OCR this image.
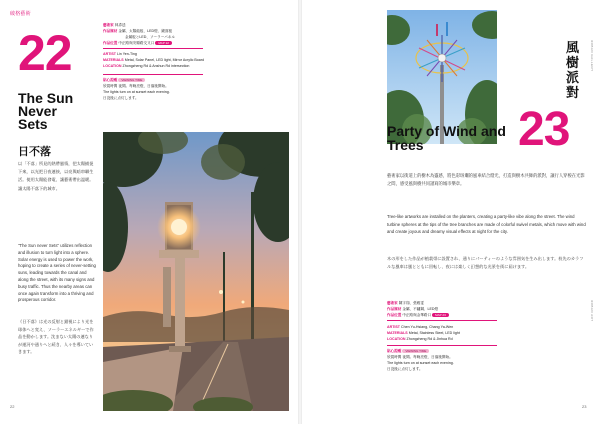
破格藝術
22
The Sun Never Sets
日不落
以「不落」所見的熱帶風情，把太陽捕捉下來，以光把日夜連接，以亮與暗串聯生活。使用太陽能發電、讓藝術帶出溫暖。讓太陽不落下的城市。
"The Sun never Sets" utilizes reflection and illusion to turn light into a sphere. Solar energy is used to power the work, hoping to create a series of never-setting suns, leading towards the canal and along the street, with its many signs and busy traffic. Thus the nearby areas can once again transform into a thriving and prosperous corridor.
《日不落》は光の反射と錯視により光を球体へと変え、ソーラーエネルギーで作品を動かします。沈まない太陽の連なりが運河や通りへと続き、人々を導いていきます。
22
藝術家 林彥廷
作品媒材 金屬、太陽能板、LED燈、鏡面板
金属板とLED、ソーラーパネル
作品位置 中正路與安順路交叉口 MAP 22
ARTIST Lin Yen-Ting
MATERIALS Metal, Solar Panel, LED light, Mirror Acrylic Board
LOCATION Zhongzheng Rd & Anshun Rd intersection
貼心提醒 VIEWING TIME
欣賞時間 夜間。每晚亮燈，日落後開始。
The lights turn on at sunset each evening.
日没後に点灯します。
URBAN GALLERY
風樹派對
23
Party of Wind and Trees
藝術家以街道上的樹木為靈感，將色彩斑斕的風車結合燈光，打造與樹木共舞的派對，讓行人穿梭在光影之間，感受風與樹共同譜寫的城市樂章。
Tree-like artworks are installed on the planters, creating a party-like vibe along the street. The wind turbine spheres at the tips of the tree branches are made of colorful swivel metals, which move with wind and create joyous and dreamy visual effects at night for the city.
木の形をした作品が植栽帯に設置され、通りにパーティーのような雰囲気を生み出します。枝先のカラフルな風車は風とともに回転し、夜には楽しく幻想的な光景を街に届けます。
藝術家 陳宇翔、張雅雯
作品媒材 金屬、不鏽鋼、LED燈
作品位置 中正路與金華路口 MAP 23
ARTIST Chen Yu-Hsiang, Chang Ya-Wen
MATERIALS Metal, Stainless Steel, LED light
LOCATION Zhongzheng Rd & Jinhua Rd
貼心提醒 VIEWING TIME
欣賞時間 夜間。每晚亮燈，日落後開始。
The lights turn on at sunset each evening.
日没後に点灯します。
23
URBAN ART
